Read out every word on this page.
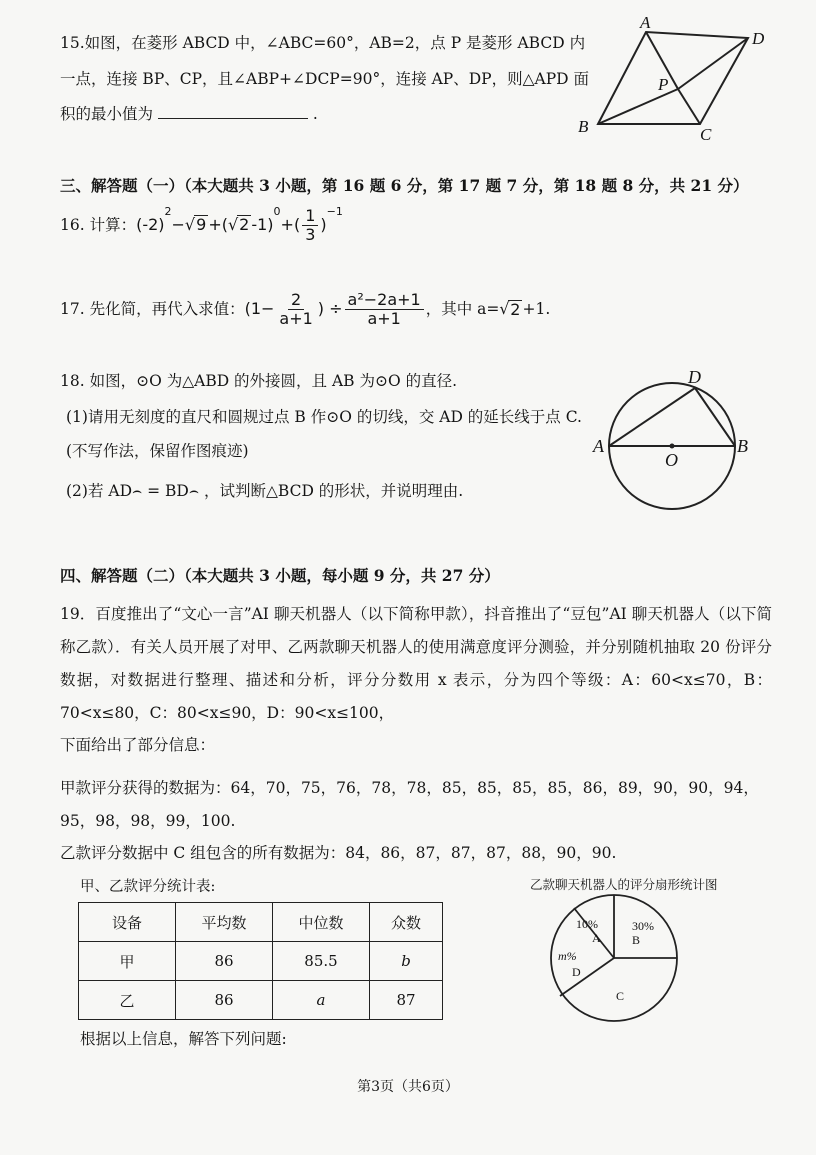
15.如图，在菱形 ABCD 中，∠ABC=60°，AB=2，点 P 是菱形 ABCD 内
一点，连接 BP、CP，且∠ABP+∠DCP=90°，连接 AP、DP，则△APD 面
积的最小值为	.
A
D
P
B	C
三、解答题（一）（本大题共 3 小题，第 16 题 6 分，第 17 题 7 分，第 18 题 8 分，共 21 分）
16. 计算： $(-2)^2-√9 +(√2$ $-1)^0+( \frac{1}{3} )^{-1}$
17. 先化简，再代入求值： ($1- \frac{2}{a+1}$ ) ÷ $\frac{\text{a²−2a+1}}{a+1}$ ，其中 a=√ 2 +1.
18. 如图，⊙O 为△ABD 的外接圆，且 AB 为⊙O 的直径.
(1)请用无刻度的直尺和圆规过点 B 作⊙O 的切线，交 AD 的延长线于点 C.
(不写作法，保留作图痕迹)
(2)若 AD⌢ = BD⌢ ，试判断△BCD 的形状，并说明理由.
D
A	B
O
四、解答题（二）（本大题共 3 小题，每小题 9 分，共 27 分）
19．百度推出了“文心一言”AI 聊天机器人（以下简称甲款），抖音推出了“豆包”AI 聊天机器人（以下简称乙款）．有关人员开展了对甲、乙两款聊天机器人的使用满意度评分测验，并分别随机抽取 20 份评分数据，对数据进行整理、描述和分析，评分分数用 x 表示，分为四个等级：A：60<x≤70，B：70<x≤80，C：80<x≤90，D：90<x≤100，
下面给出了部分信息：
甲款评分获得的数据为：64，70，75，76，78，78，85，85，85，85，86，89，90，90，94，95，98，98，99，100.
乙款评分数据中 C 组包含的所有数据为：84，86，87，87，87，88，90，90.
甲、乙款评分统计表:
设备	平均数	中位数	众数
甲	86	85.5	b
乙	86	a	87
乙款聊天机器人的评分扇形统计图
10%
A
30%
B
m%
D
C
根据以上信息，解答下列问题:
第3页（共6页）
